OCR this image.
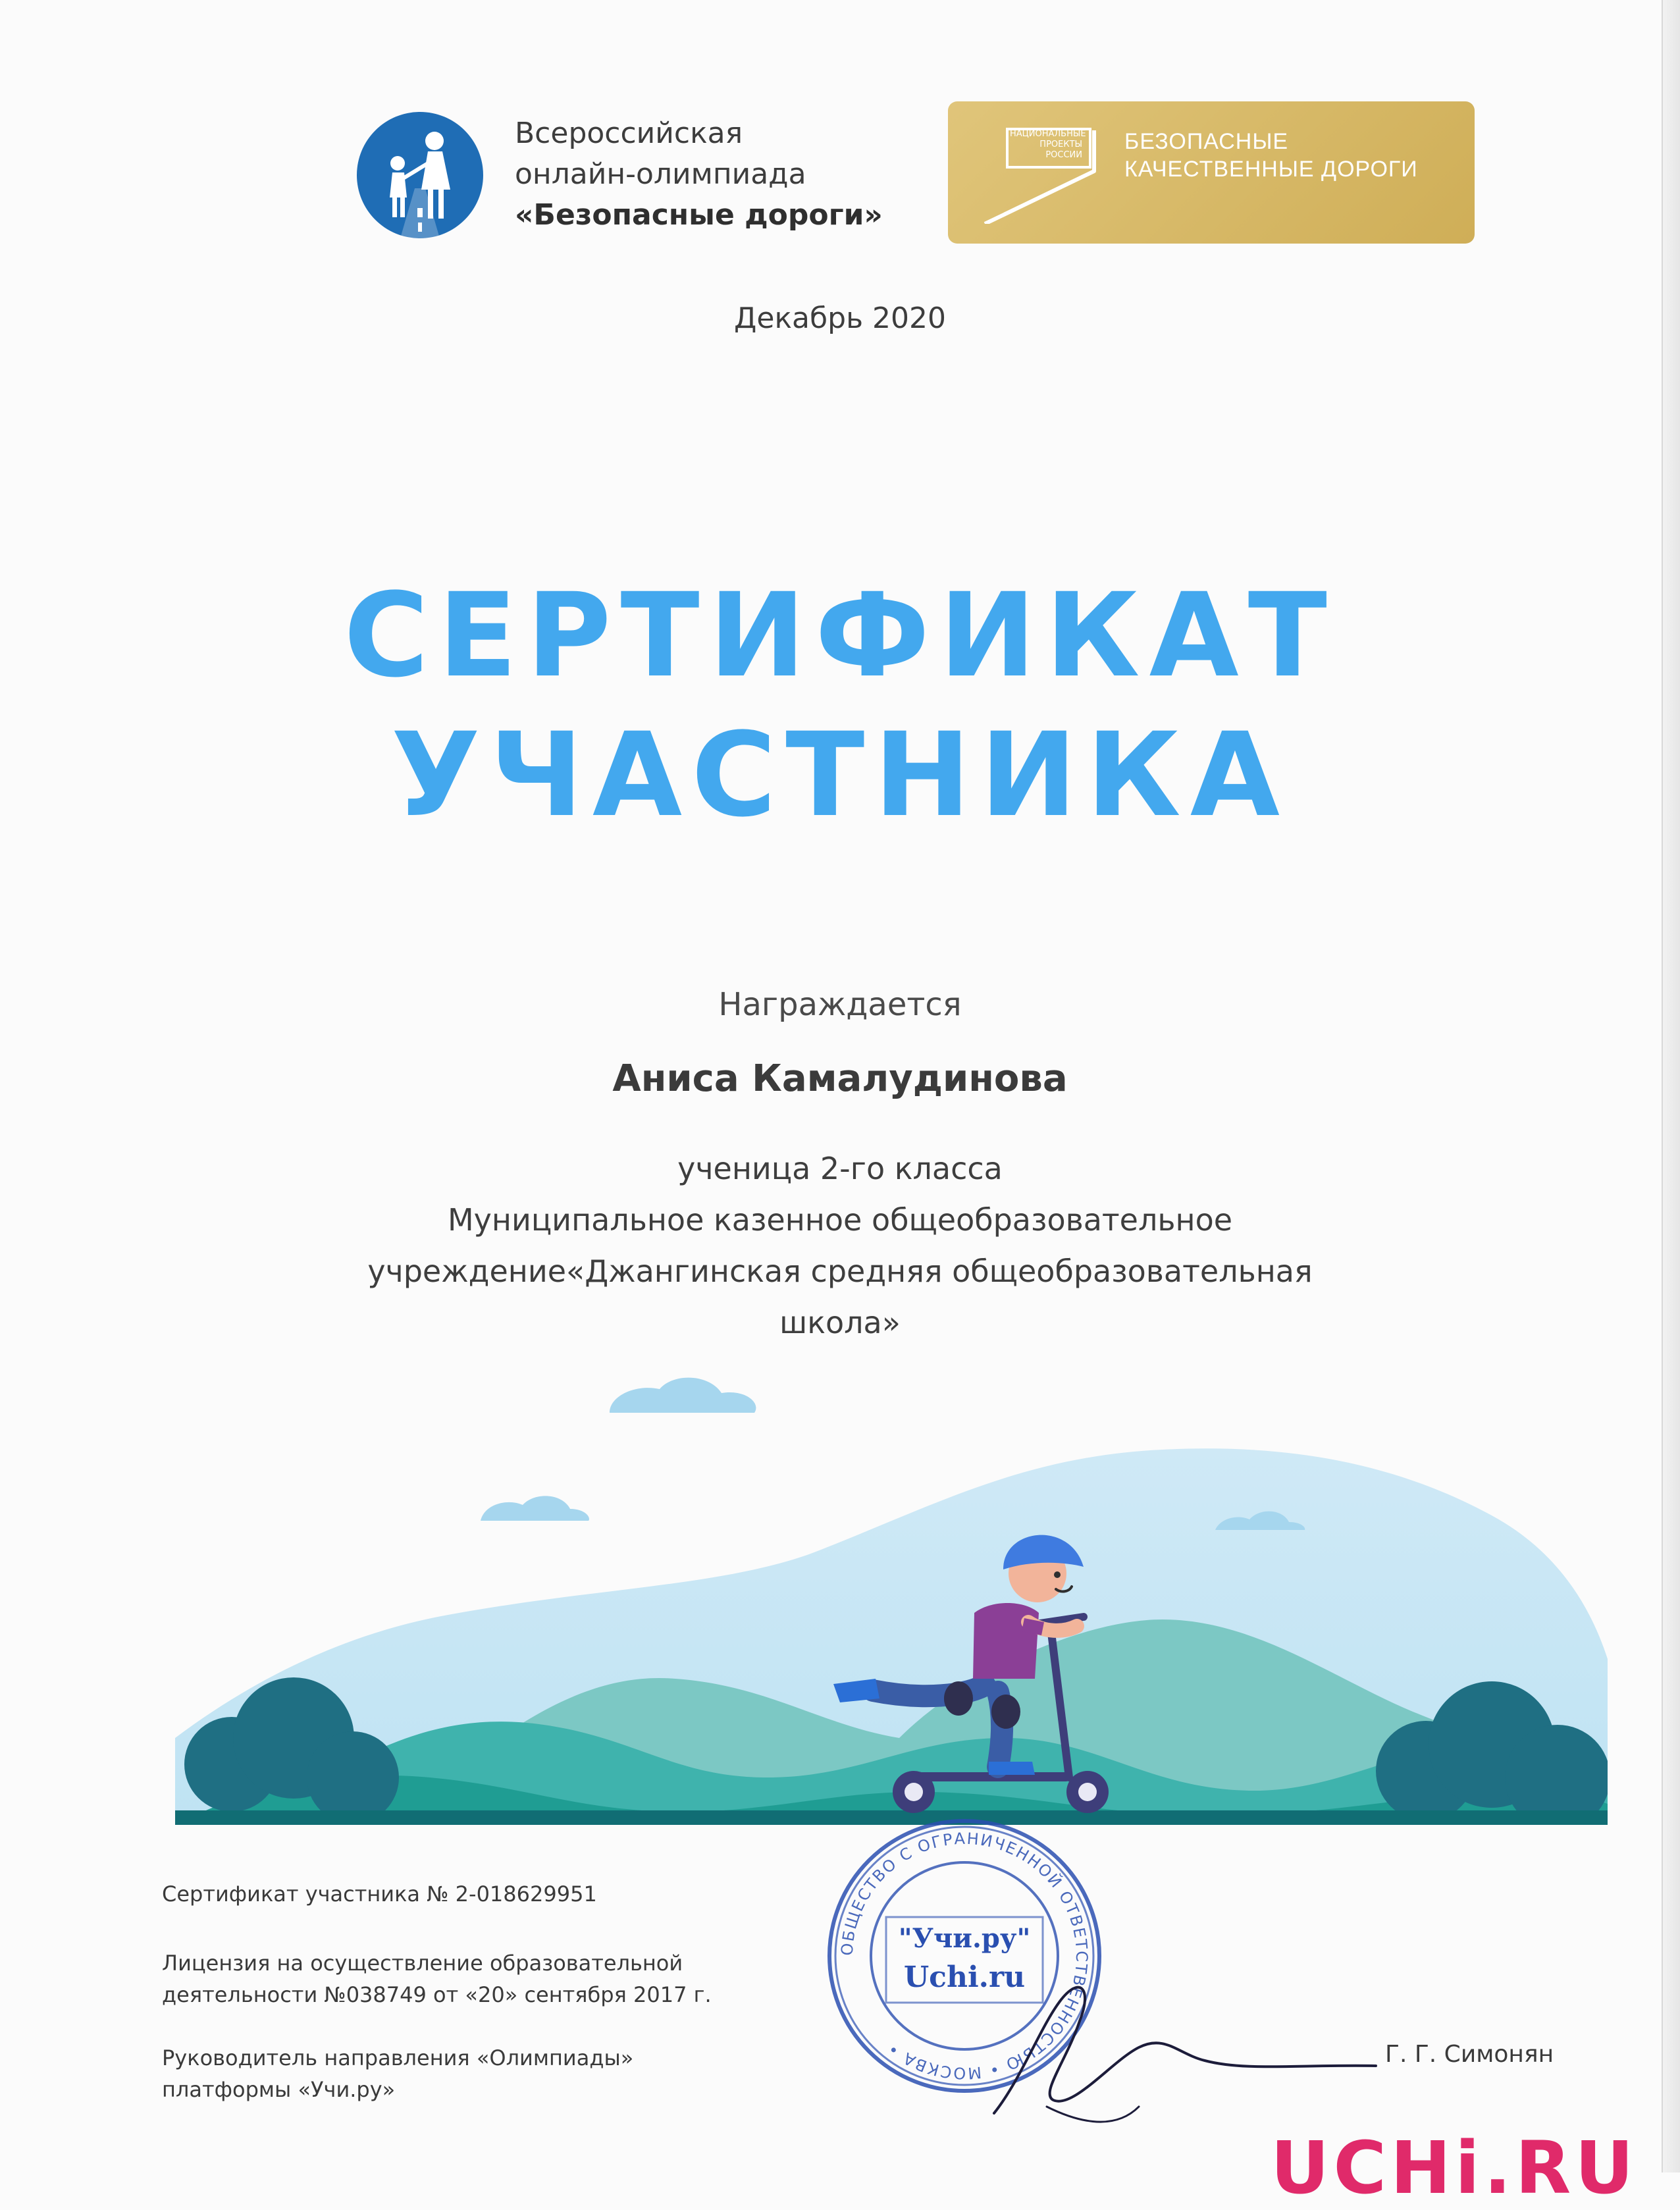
Всероссийская
онлайн-олимпиада
«Безопасные дороги»
НАЦИОНАЛЬНЫЕ
ПРОЕКТЫ
РОССИИ
БЕЗОПАСНЫЕ
КАЧЕСТВЕННЫЕ ДОРОГИ
Декабрь 2020
СЕРТИФИКАТ
УЧАСТНИКА
Награждается
Аниса Камалудинова
ученица 2-го класса
Муниципальное казенное общеобразовательное
учреждение«Джангинская средняя общеобразовательная
школа»
Сертификат участника № 2-018629951
Лицензия на осуществление образовательной
деятельности №038749 от «20» сентября 2017 г.
Руководитель направления «Олимпиады»
платформы «Учи.ру»
Г. Г. Симонян
ОБЩЕСТВО С ОГРАНИЧЕННОЙ ОТВЕТСТВЕННОСТЬЮ • МОСКВА •
"Учи.ру"
Uchi.ru
UCHi.RU
